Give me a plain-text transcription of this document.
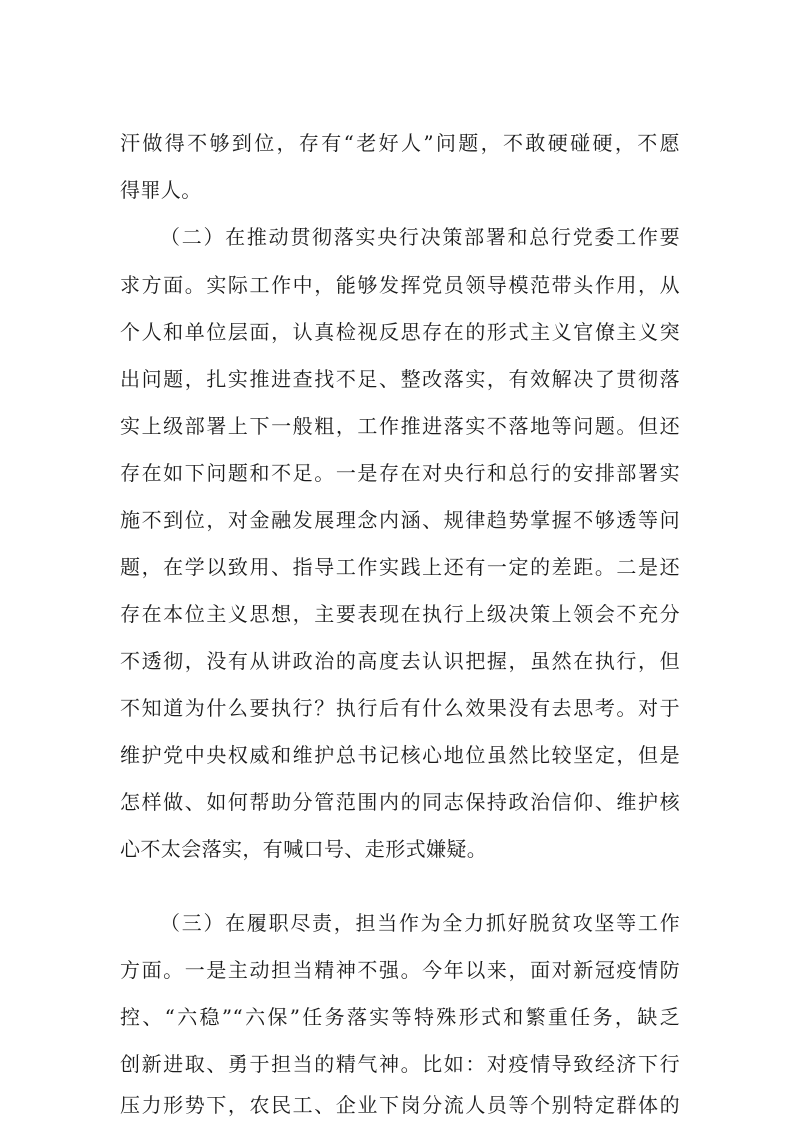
汗做得不够到位，存有“老好人”问题，不敢硬碰硬，不愿
得罪人。
（二）在推动贯彻落实央行决策部署和总行党委工作要
求方面。实际工作中，能够发挥党员领导模范带头作用，从
个人和单位层面，认真检视反思存在的形式主义官僚主义突
出问题，扎实推进查找不足、整改落实，有效解决了贯彻落
实上级部署上下一般粗，工作推进落实不落地等问题。但还
存在如下问题和不足。一是存在对央行和总行的安排部署实
施不到位，对金融发展理念内涵、规律趋势掌握不够透等问
题，在学以致用、指导工作实践上还有一定的差距。二是还
存在本位主义思想，主要表现在执行上级决策上领会不充分
不透彻，没有从讲政治的高度去认识把握，虽然在执行，但
不知道为什么要执行？执行后有什么效果没有去思考。对于
维护党中央权威和维护总书记核心地位虽然比较坚定，但是
怎样做、如何帮助分管范围内的同志保持政治信仰、维护核
心不太会落实，有喊口号、走形式嫌疑。
（三）在履职尽责，担当作为全力抓好脱贫攻坚等工作
方面。一是主动担当精神不强。今年以来，面对新冠疫情防
控、“六稳”“六保”任务落实等特殊形式和繁重任务，缺乏
创新进取、勇于担当的精气神。比如：对疫情导致经济下行
压力形势下，农民工、企业下岗分流人员等个别特定群体的
